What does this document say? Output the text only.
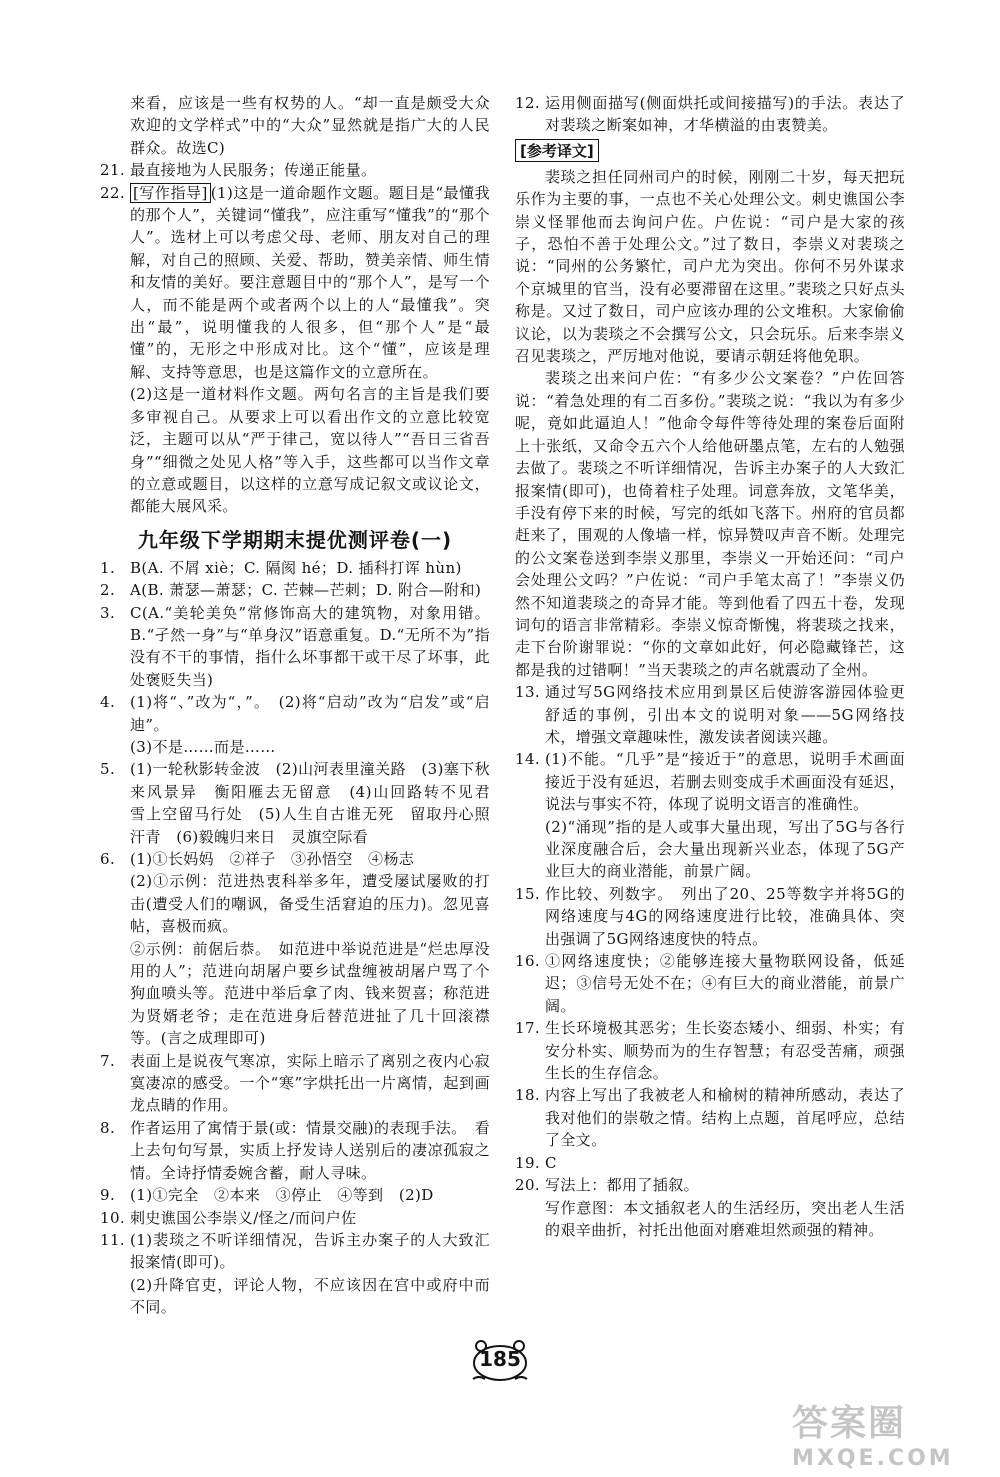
来看，应该是一些有权势的人。“却一直是颇受大众欢迎的文学样式”中的“大众”显然就是指广大的人民群众。故选C)

21. 最直接地为人民服务；传递正能量。
22. [写作指导] (1)这是一道命题作文题。题目是“最懂我的那个人”，关键词“懂我”，应注重写“懂我”的“那个人”。选材上可以考虑父母、老师、朋友对自己的理解，对自己的照顾、关爱、帮助，赞美亲情、师生情和友情的美好。要注意题目中的“那个人”，是写一个人，而不能是两个或者两个以上的人“最懂我”。突出“最”，说明懂我的人很多，但“那个人”是“最懂”的，无形之中形成对比。这个“懂”，应该是理解、支持等意思，也是这篇作文的立意所在。

(2)这是一道材料作文题。两句名言的主旨是我们要多审视自己。从要求上可以看出作文的立意比较宽泛，主题可以从“严于律己，宽以待人”“吾日三省吾身”“细微之处见人格”等入手，这些都可以当作文章的立意或题目，以这样的立意写成记叙文或议论文，都能大展风采。

九年级下学期期末提优测评卷(一)
1. B(A. 不屑 xiè；C. 隔阂 hé；D. 插科打诨 hùn)
2. A(B. 萧瑟—萧瑟；C. 芒棘—芒刺；D. 附合—附和)
3. C(A.“美轮美奂”常修饰高大的建筑物，对象用错。B.“孑然一身”与“单身汉”语意重复。D.“无所不为”指没有不干的事情，指什么坏事都干或干尽了坏事，此处褒贬失当)
4. (1)将“、”改为“，”。　(2)将“启动”改为“启发”或“启迪”。
(3)不是……而是……
5. (1)一轮秋影转金波　(2)山河表里潼关路　(3)塞下秋来风景异　衡阳雁去无留意　(4)山回路转不见君　雪上空留马行处　(5)人生自古谁无死　留取丹心照汗青　(6)毅魄归来日　灵旗空际看
6. (1)①长妈妈　②祥子　③孙悟空　④杨志
(2)①示例：范进热衷科举多年，遭受屡试屡败的打击(遭受人们的嘲讽，备受生活窘迫的压力)。忽见喜帖，喜极而疯。
②示例：前倨后恭。　如范进中举说范进是“烂忠厚没用的人”；范进向胡屠户要乡试盘缠被胡屠户骂了个狗血喷头等。范进中举后拿了肉、钱来贺喜；称范进为贤婿老爷；走在范进身后替范进扯了几十回滚襟等。(言之成理即可)
7. 表面上是说夜气寒凉，实际上暗示了离别之夜内心寂寞凄凉的感受。一个“寒”字烘托出一片离情，起到画龙点睛的作用。
8. 作者运用了寓情于景(或：情景交融)的表现手法。　看上去句句写景，实质上抒发诗人送别后的凄凉孤寂之情。全诗抒情委婉含蓄，耐人寻味。
9. (1)①完全　②本来　③停止　④等到　(2)D
10. 刺史谯国公李崇义/怪之/而问户佐
11. (1)裴琰之不听详细情况，告诉主办案子的人大致汇报案情(即可)。
(2)升降官吏，评论人物，不应该因在宫中或府中而不同。
12. 运用侧面描写(侧面烘托或间接描写)的手法。表达了对裴琰之断案如神，才华横溢的由衷赞美。
[参考译文]

裴琰之担任同州司户的时候，刚刚二十岁，每天把玩乐作为主要的事，一点也不关心处理公文。刺史谯国公李崇义怪罪他而去询问户佐。户佐说：“司户是大家的孩子，恐怕不善于处理公文。”过了数日，李崇义对裴琰之说：“同州的公务繁忙，司户尤为突出。你何不另外谋求个京城里的官当，没有必要滞留在这里。”裴琰之只好点头称是。又过了数日，司户应该办理的公文堆积。大家偷偷议论，以为裴琰之不会撰写公文，只会玩乐。后来李崇义召见裴琰之，严厉地对他说，要请示朝廷将他免职。

裴琰之出来问户佐：“有多少公文案卷？”户佐回答说：“着急处理的有二百多份。”裴琰之说：“我以为有多少呢，竟如此逼迫人！”他命令每件等待处理的案卷后面附上十张纸，又命令五六个人给他研墨点笔，左右的人勉强去做了。裴琰之不听详细情况，告诉主办案子的人大致汇报案情(即可)，也倚着柱子处理。词意奔放，文笔华美，手没有停下来的时候，写完的纸如飞落下。州府的官员都赶来了，围观的人像墙一样，惊异赞叹声音不断。处理完的公文案卷送到李崇义那里，李崇义一开始还问：“司户会处理公文吗？”户佐说：“司户手笔太高了！”李崇义仍然不知道裴琰之的奇异才能。等到他看了四五十卷，发现词句的语言非常精彩。李崇义惊奇惭愧，将裴琰之找来，走下台阶谢罪说：“你的文章如此好，何必隐藏锋芒，这都是我的过错啊！”当天裴琰之的声名就震动了全州。

13. 通过写5G网络技术应用到景区后使游客游园体验更舒适的事例，引出本文的说明对象——5G网络技术，增强文章趣味性，激发读者阅读兴趣。
14. (1)不能。“几乎”是“接近于”的意思，说明手术画面接近于没有延迟，若删去则变成手术画面没有延迟，说法与事实不符，体现了说明文语言的准确性。
(2)“涌现”指的是人或事大量出现，写出了5G与各行业深度融合后，会大量出现新兴业态，体现了5G产业巨大的商业潜能，前景广阔。
15. 作比较、列数字。　列出了20、25等数字并将5G的网络速度与4G的网络速度进行比较，准确具体、突出强调了5G网络速度快的特点。
16. ①网络速度快；②能够连接大量物联网设备，低延迟；③信号无处不在；④有巨大的商业潜能，前景广阔。
17. 生长环境极其恶劣；生长姿态矮小、细弱、朴实；有安分朴实、顺势而为的生存智慧；有忍受苦痛，顽强生长的生存信念。
18. 内容上写出了我被老人和榆树的精神所感动，表达了我对他们的崇敬之情。结构上点题，首尾呼应，总结了全文。
19. C
20. 写法上：都用了插叙。
写作意图：本文插叙老人的生活经历，突出老人生活的艰辛曲折，衬托出他面对磨难坦然顽强的精神。
185
答案圈
MXQE.COM
